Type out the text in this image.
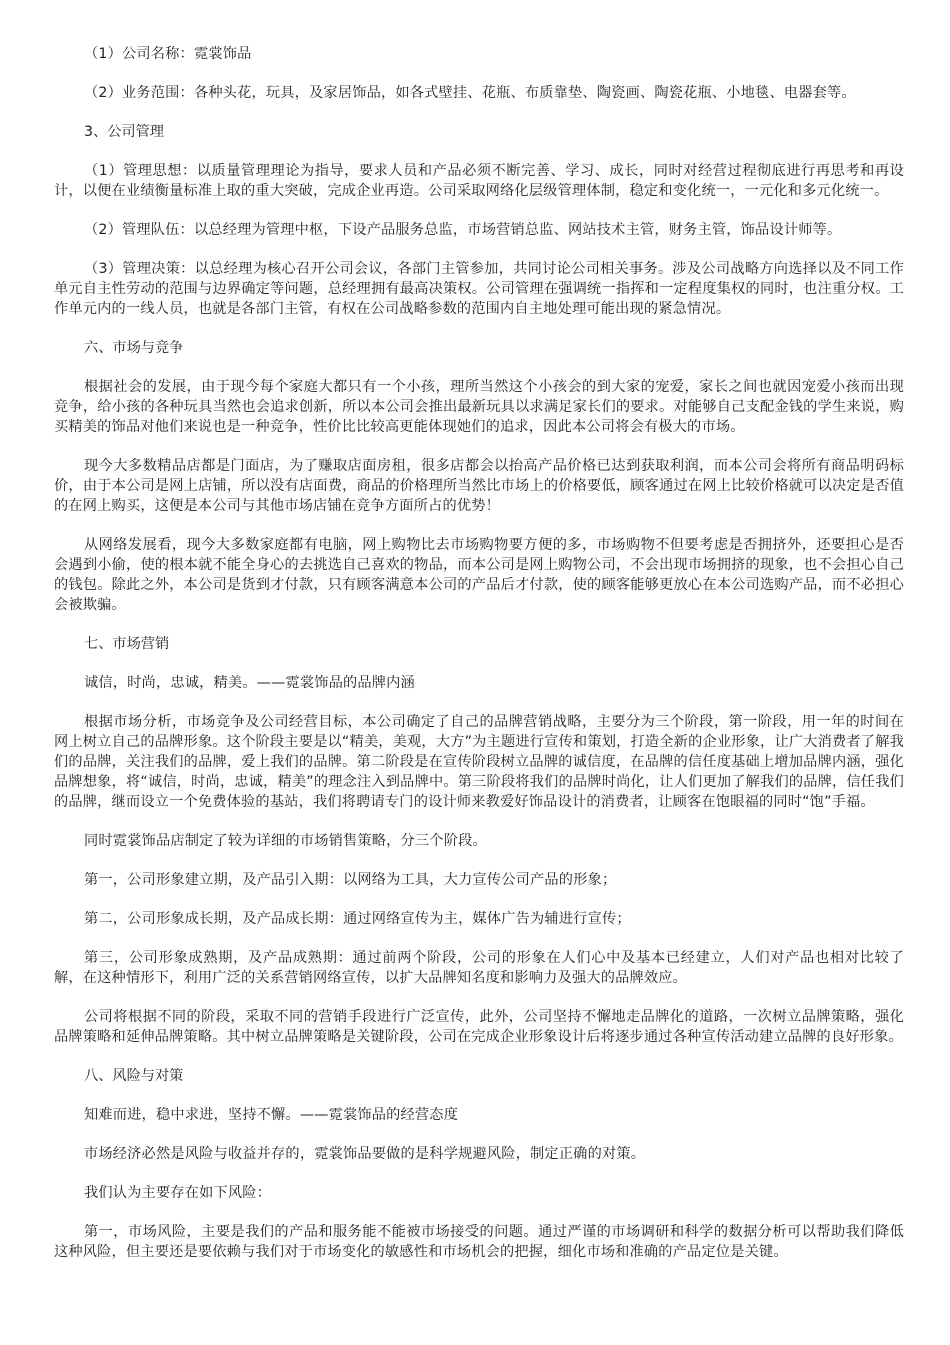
（1）公司名称：霓裳饰品

（2）业务范围：各种头花，玩具，及家居饰品，如各式壁挂、花瓶、布质靠垫、陶瓷画、陶瓷花瓶、小地毯、电器套等。

3、公司管理

（1）管理思想：以质量管理理论为指导，要求人员和产品必须不断完善、学习、成长，同时对经营过程彻底进行再思考和再设计，以便在业绩衡量标准上取的重大突破，完成企业再造。公司采取网络化层级管理体制，稳定和变化统一，一元化和多元化统一。

（2）管理队伍：以总经理为管理中枢，下设产品服务总监，市场营销总监、网站技术主管，财务主管，饰品设计师等。

（3）管理决策：以总经理为核心召开公司会议，各部门主管参加，共同讨论公司相关事务。涉及公司战略方向选择以及不同工作单元自主性劳动的范围与边界确定等问题，总经理拥有最高决策权。公司管理在强调统一指挥和一定程度集权的同时，也注重分权。工作单元内的一线人员，也就是各部门主管，有权在公司战略参数的范围内自主地处理可能出现的紧急情况。

六、市场与竞争

根据社会的发展，由于现今每个家庭大都只有一个小孩，理所当然这个小孩会的到大家的宠爱，家长之间也就因宠爱小孩而出现竞争，给小孩的各种玩具当然也会追求创新，所以本公司会推出最新玩具以求满足家长们的要求。对能够自己支配金钱的学生来说，购买精美的饰品对他们来说也是一种竞争，性价比比较高更能体现她们的追求，因此本公司将会有极大的市场。

现今大多数精品店都是门面店，为了赚取店面房租，很多店都会以抬高产品价格已达到获取利润，而本公司会将所有商品明码标价，由于本公司是网上店铺，所以没有店面费，商品的价格理所当然比市场上的价格要低，顾客通过在网上比较价格就可以决定是否值的在网上购买，这便是本公司与其他市场店铺在竞争方面所占的优势！

从网络发展看，现今大多数家庭都有电脑，网上购物比去市场购物要方便的多，市场购物不但要考虑是否拥挤外，还要担心是否会遇到小偷，使的根本就不能全身心的去挑选自己喜欢的物品，而本公司是网上购物公司，不会出现市场拥挤的现象，也不会担心自己的钱包。除此之外，本公司是货到才付款，只有顾客满意本公司的产品后才付款，使的顾客能够更放心在本公司选购产品，而不必担心会被欺骗。

七、市场营销

诚信，时尚，忠诚，精美。——霓裳饰品的品牌内涵

根据市场分析，市场竞争及公司经营目标，本公司确定了自己的品牌营销战略，主要分为三个阶段，第一阶段，用一年的时间在网上树立自己的品牌形象。这个阶段主要是以“精美，美观，大方”为主题进行宣传和策划，打造全新的企业形象，让广大消费者了解我们的品牌，关注我们的品牌，爱上我们的品牌。第二阶段是在宣传阶段树立品牌的诚信度，在品牌的信任度基础上增加品牌内涵，强化品牌想象，将“诚信，时尚，忠诚，精美”的理念注入到品牌中。第三阶段将我们的品牌时尚化，让人们更加了解我们的品牌，信任我们的品牌，继而设立一个免费体验的基站，我们将聘请专门的设计师来教爱好饰品设计的消费者，让顾客在饱眼福的同时“饱”手福。

同时霓裳饰品店制定了较为详细的市场销售策略，分三个阶段。

第一，公司形象建立期，及产品引入期：以网络为工具，大力宣传公司产品的形象；

第二，公司形象成长期，及产品成长期：通过网络宣传为主，媒体广告为辅进行宣传；

第三，公司形象成熟期，及产品成熟期：通过前两个阶段，公司的形象在人们心中及基本已经建立，人们对产品也相对比较了解，在这种情形下，利用广泛的关系营销网络宣传，以扩大品牌知名度和影响力及强大的品牌效应。

公司将根据不同的阶段，采取不同的营销手段进行广泛宣传，此外，公司坚持不懈地走品牌化的道路，一次树立品牌策略，强化品牌策略和延伸品牌策略。其中树立品牌策略是关键阶段，公司在完成企业形象设计后将逐步通过各种宣传活动建立品牌的良好形象。

八、风险与对策

知难而进，稳中求进，坚持不懈。——霓裳饰品的经营态度

市场经济必然是风险与收益并存的，霓裳饰品要做的是科学规避风险，制定正确的对策。

我们认为主要存在如下风险：

第一，市场风险，主要是我们的产品和服务能不能被市场接受的问题。通过严谨的市场调研和科学的数据分析可以帮助我们降低这种风险，但主要还是要依赖与我们对于市场变化的敏感性和市场机会的把握，细化市场和准确的产品定位是关键。
